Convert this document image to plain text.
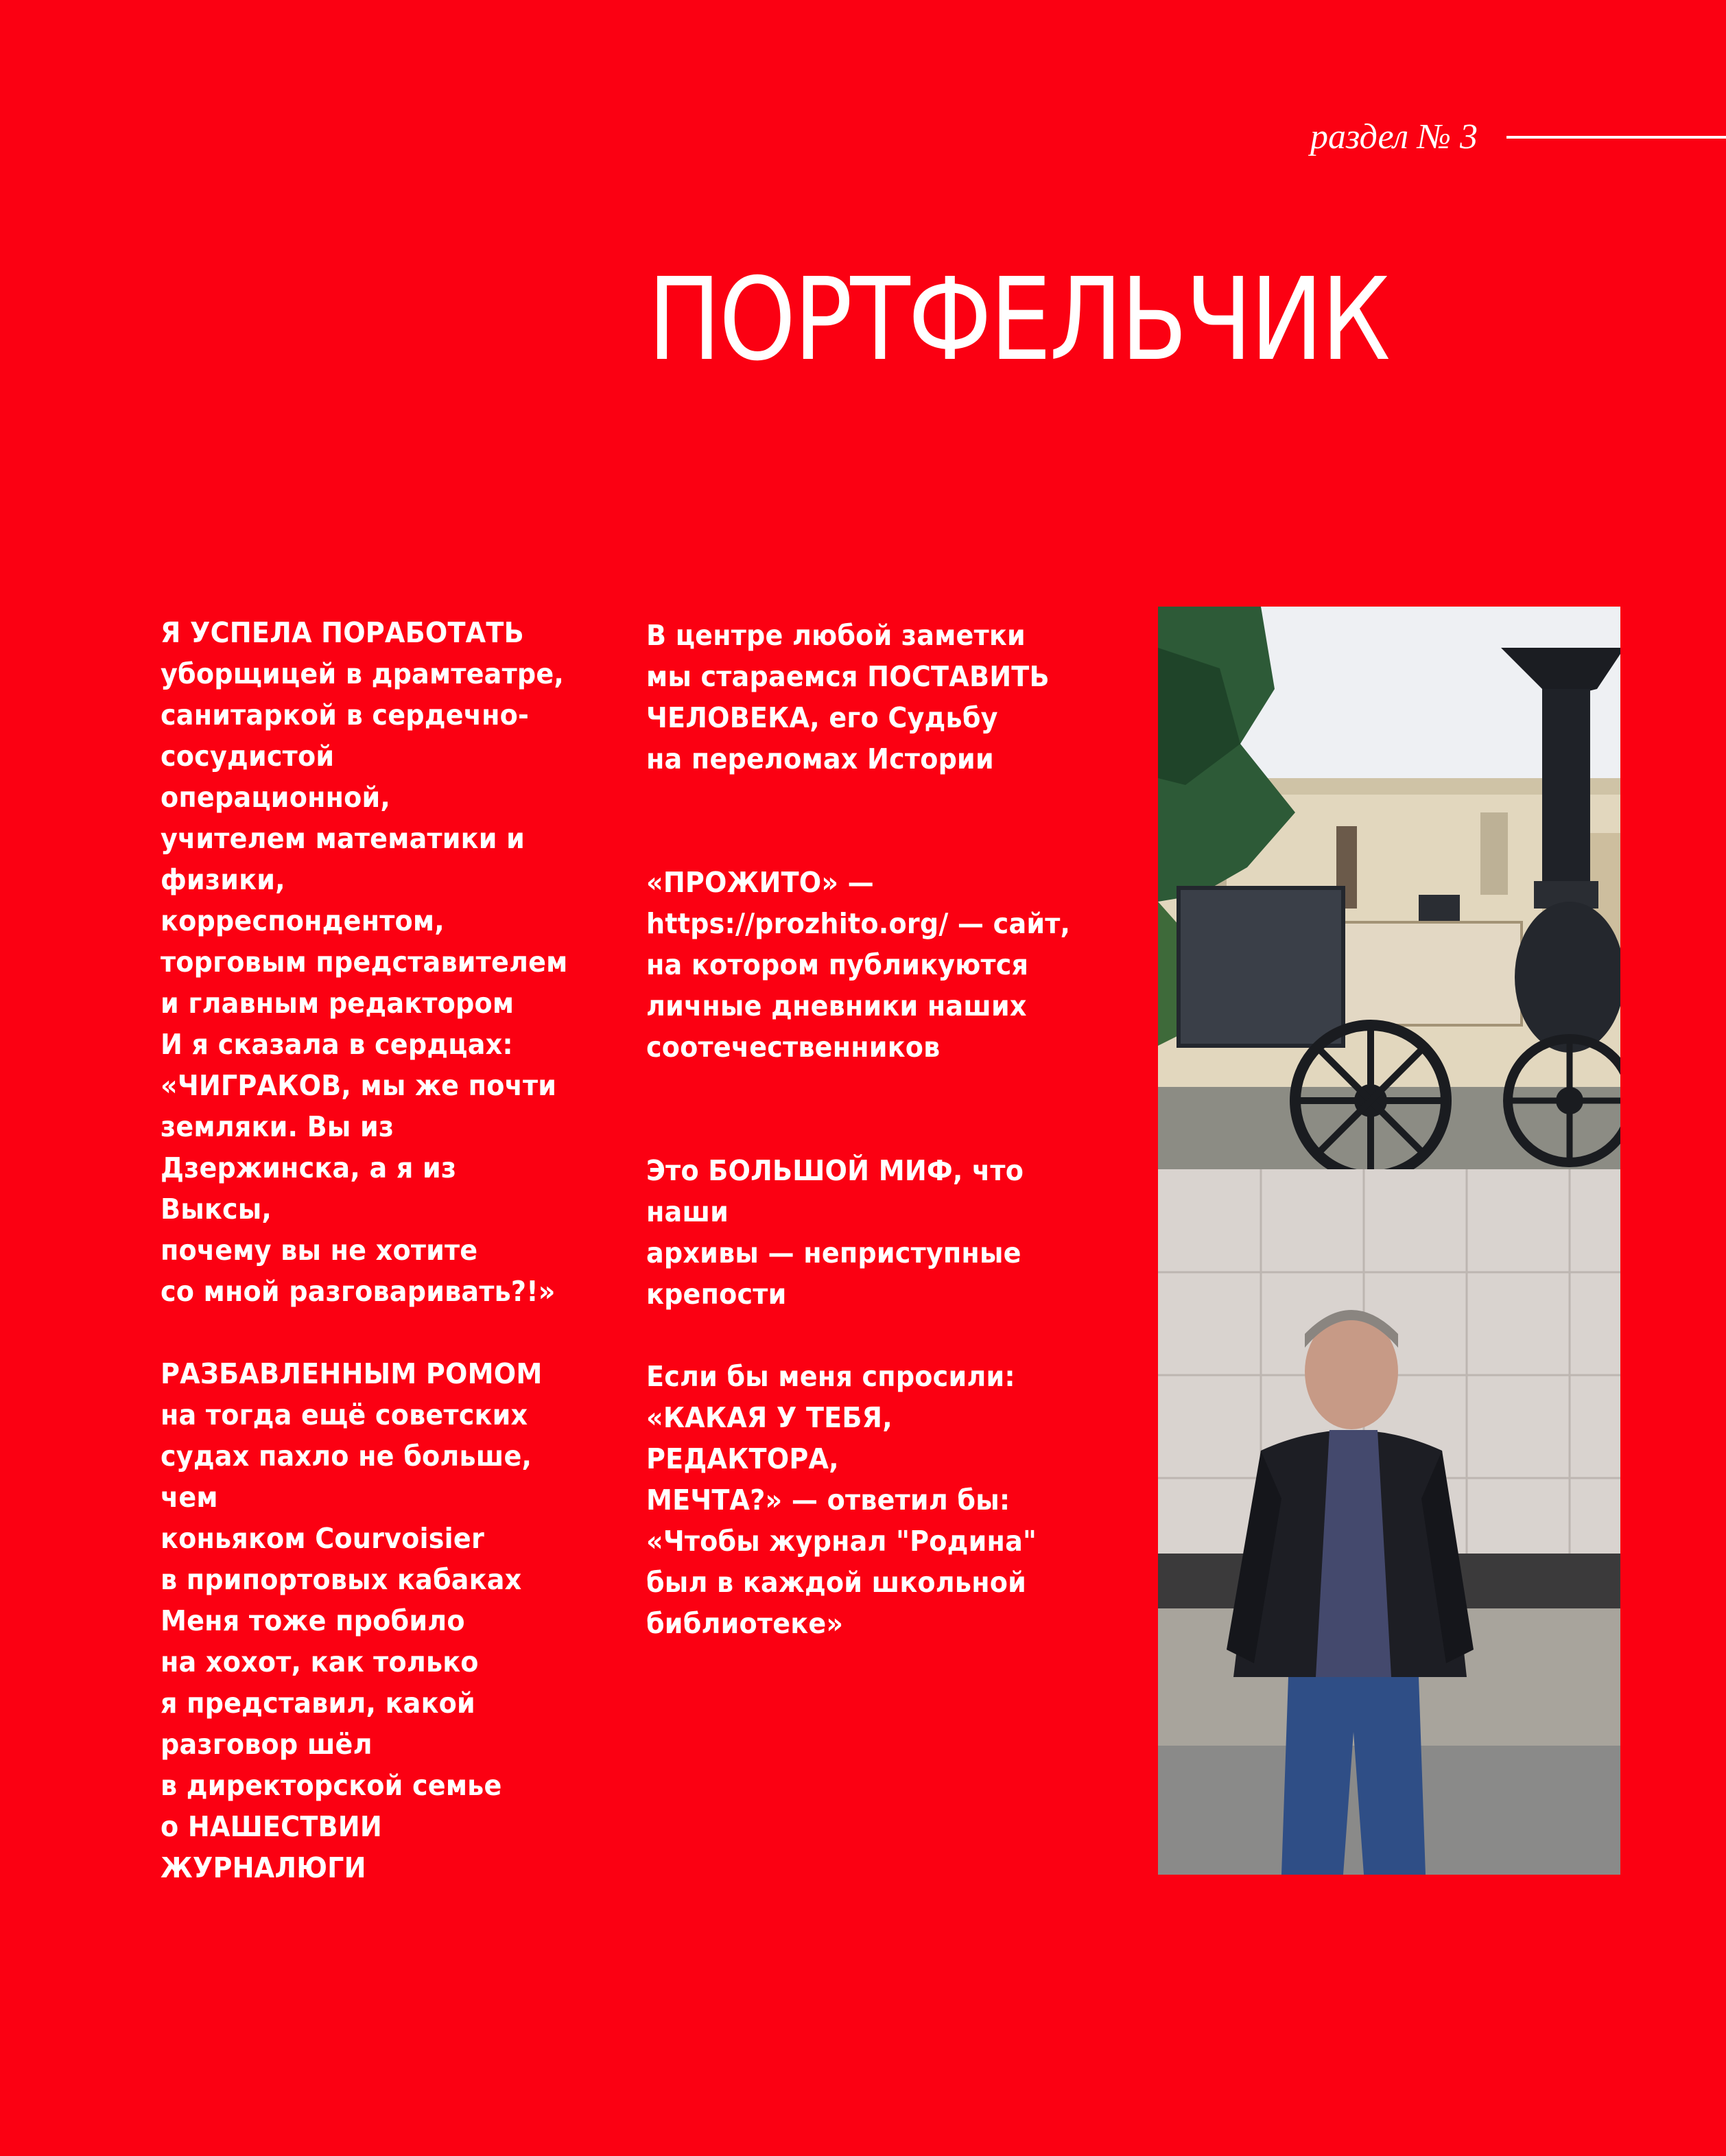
раздел № 3
ПОРТФЕЛЬЧИК

Я УСПЕЛА ПОРАБОТАТЬ
уборщицей в драмтеатре,
санитаркой в сердечно-
сосудистой операционной,
учителем математики и
физики, корреспондентом,
торговым представителем
и главным редактором

И я сказала в сердцах:
«ЧИГРАКОВ, мы же почти
земляки. Вы из
Дзержинска, а я из Выксы,
почему вы не хотите
со мной разговаривать?!»

РАЗБАВЛЕННЫМ РОМОМ
на тогда ещё советских
судах пахло не больше, чем
коньяком Courvoisier
в припортовых кабаках

Меня тоже пробило
на хохот, как только
я представил, какой
разговор шёл
в директорской семье
о НАШЕСТВИИ ЖУРНАЛЮГИ

В центре любой заметки
мы стараемся ПОСТАВИТЬ
ЧЕЛОВЕКА, его Судьбу
на переломах Истории

«ПРОЖИТО» —
https://prozhito.org/ — сайт,
на котором публикуются
личные дневники наших
соотечественников

Это БОЛЬШОЙ МИФ, что наши
архивы — неприступные
крепости

Если бы меня спросили:
«КАКАЯ У ТЕБЯ, РЕДАКТОРА,
МЕЧТА?» — ответил бы:
«Чтобы журнал "Родина"
был в каждой школьной
библиотеке»
